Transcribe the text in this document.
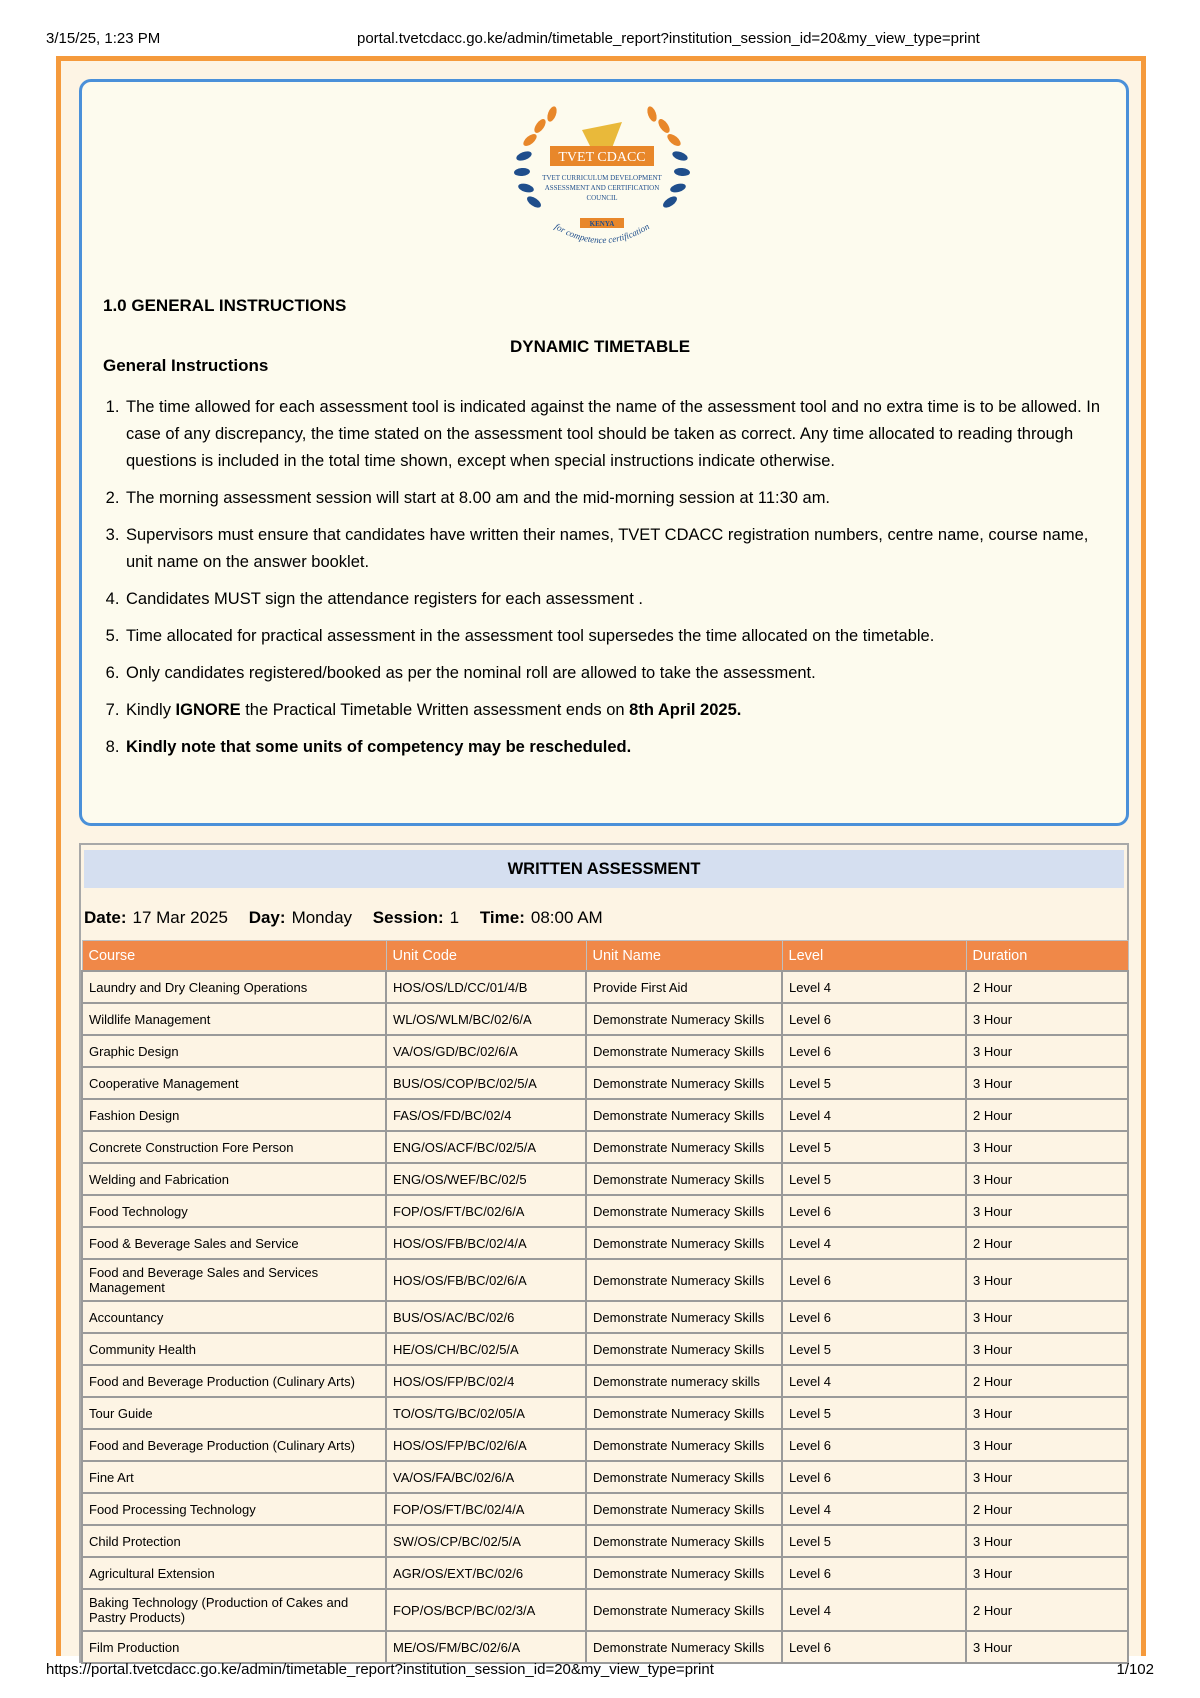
3/15/25, 1:23 PM	portal.tvetcdacc.go.ke/admin/timetable_report?institution_session_id=20&my_view_type=print
TVET CDACC
TVET CURRICULUM DEVELOPMENT
ASSESSMENT AND CERTIFICATION
COUNCIL
KENYA
for competence certification
1.0 GENERAL INSTRUCTIONS
DYNAMIC TIMETABLE
General Instructions
1. The time allowed for each assessment tool is indicated against the name of the assessment tool and no extra time is to be allowed. In case of any discrepancy, the time stated on the assessment tool should be taken as correct. Any time allocated to reading through questions is included in the total time shown, except when special instructions indicate otherwise.
2. The morning assessment session will start at 8.00 am and the mid-morning session at 11:30 am.
3. Supervisors must ensure that candidates have written their names, TVET CDACC registration numbers, centre name, course name, unit name on the answer booklet.
4. Candidates MUST sign the attendance registers for each assessment .
5. Time allocated for practical assessment in the assessment tool supersedes the time allocated on the timetable.
6. Only candidates registered/booked as per the nominal roll are allowed to take the assessment.
7. Kindly IGNORE the Practical Timetable Written assessment ends on 8th April 2025.
8. Kindly note that some units of competency may be rescheduled.
WRITTEN ASSESSMENT
Date: 17 Mar 2025 Day: Monday Session: 1 Time: 08:00 AM
Course	Unit Code	Unit Name	Level	Duration
Laundry and Dry Cleaning Operations	HOS/OS/LD/CC/01/4/B	Provide First Aid	Level 4	2 Hour
Wildlife Management	WL/OS/WLM/BC/02/6/A	Demonstrate Numeracy Skills	Level 6	3 Hour
Graphic Design	VA/OS/GD/BC/02/6/A	Demonstrate Numeracy Skills	Level 6	3 Hour
Cooperative Management	BUS/OS/COP/BC/02/5/A	Demonstrate Numeracy Skills	Level 5	3 Hour
Fashion Design	FAS/OS/FD/BC/02/4	Demonstrate Numeracy Skills	Level 4	2 Hour
Concrete Construction Fore Person	ENG/OS/ACF/BC/02/5/A	Demonstrate Numeracy Skills	Level 5	3 Hour
Welding and Fabrication	ENG/OS/WEF/BC/02/5	Demonstrate Numeracy Skills	Level 5	3 Hour
Food Technology	FOP/OS/FT/BC/02/6/A	Demonstrate Numeracy Skills	Level 6	3 Hour
Food & Beverage Sales and Service	HOS/OS/FB/BC/02/4/A	Demonstrate Numeracy Skills	Level 4	2 Hour
Food and Beverage Sales and Services Management	HOS/OS/FB/BC/02/6/A	Demonstrate Numeracy Skills	Level 6	3 Hour
Accountancy	BUS/OS/AC/BC/02/6	Demonstrate Numeracy Skills	Level 6	3 Hour
Community Health	HE/OS/CH/BC/02/5/A	Demonstrate Numeracy Skills	Level 5	3 Hour
Food and Beverage Production (Culinary Arts)	HOS/OS/FP/BC/02/4	Demonstrate numeracy skills	Level 4	2 Hour
Tour Guide	TO/OS/TG/BC/02/05/A	Demonstrate Numeracy Skills	Level 5	3 Hour
Food and Beverage Production (Culinary Arts)	HOS/OS/FP/BC/02/6/A	Demonstrate Numeracy Skills	Level 6	3 Hour
Fine Art	VA/OS/FA/BC/02/6/A	Demonstrate Numeracy Skills	Level 6	3 Hour
Food Processing Technology	FOP/OS/FT/BC/02/4/A	Demonstrate Numeracy Skills	Level 4	2 Hour
Child Protection	SW/OS/CP/BC/02/5/A	Demonstrate Numeracy Skills	Level 5	3 Hour
Agricultural Extension	AGR/OS/EXT/BC/02/6	Demonstrate Numeracy Skills	Level 6	3 Hour
Baking Technology (Production of Cakes and Pastry Products)	FOP/OS/BCP/BC/02/3/A	Demonstrate Numeracy Skills	Level 4	2 Hour
Film Production	ME/OS/FM/BC/02/6/A	Demonstrate Numeracy Skills	Level 6	3 Hour
https://portal.tvetcdacc.go.ke/admin/timetable_report?institution_session_id=20&my_view_type=print	1/102
